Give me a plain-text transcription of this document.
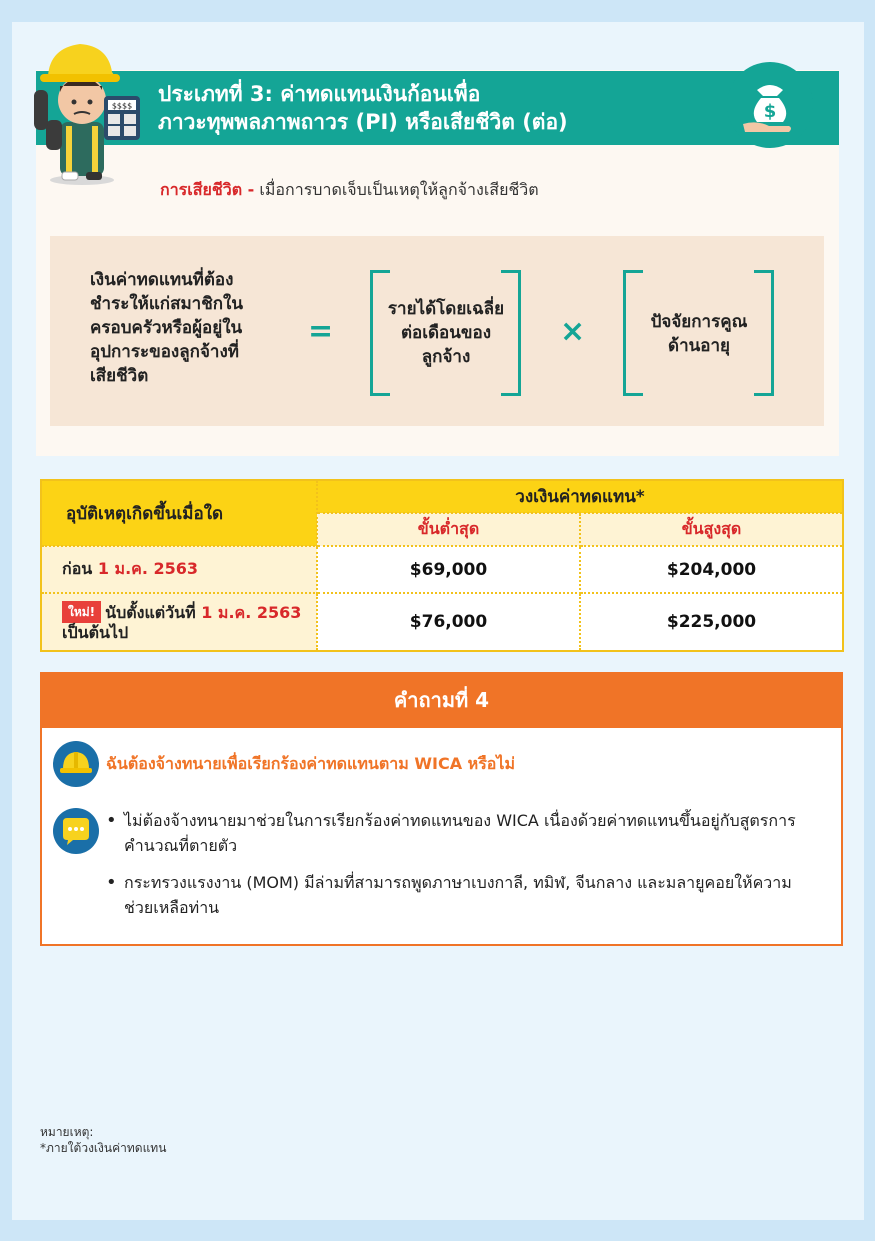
ประเภทที่ 3: ค่าทดแทนเงินก้อนเพื่อ
ภาวะทุพพลภาพถาวร (PI) หรือเสียชีวิต (ต่อ)
$$$$	$
การเสียชีวิต - เมื่อการบาดเจ็บเป็นเหตุให้ลูกจ้างเสียชีวิต
เงินค่าทดแทนที่ต้อง
ชำระให้แก่สมาชิกใน
ครอบครัวหรือผู้อยู่ใน
อุปการะของลูกจ้างที่
เสียชีวิต
=
รายได้โดยเฉลี่ย
ต่อเดือนของ
ลูกจ้าง
×	ปัจจัยการคูณ
ด้านอายุ
อุบัติเหตุเกิดขึ้นเมื่อใด	วงเงินค่าทดแทน*	
	ขั้นต่ำสุด	ขั้นสูงสุด
ก่อน 1 ม.ค. 2563	$69,000	$204,000
ใหม่! นับตั้งแต่วันที่ 1 ม.ค. 2563
เป็นต้นไป	$76,000	$225,000
คำถามที่ 4
ฉันต้องจ้างทนายเพื่อเรียกร้องค่าทดแทนตาม WICA หรือไม่
• ไม่ต้องจ้างทนายมาช่วยในการเรียกร้องค่าทดแทนของ WICA เนื่องด้วยค่าทดแทนขึ้นอยู่กับสูตรการคำนวณที่ตายตัว
• กระทรวงแรงงาน (MOM) มีล่ามที่สามารถพูดภาษาเบงกาลี, ทมิฬ, จีนกลาง และมลายูคอยให้ความช่วยเหลือท่าน
หมายเหตุ:
*ภายใต้วงเงินค่าทดแทน
